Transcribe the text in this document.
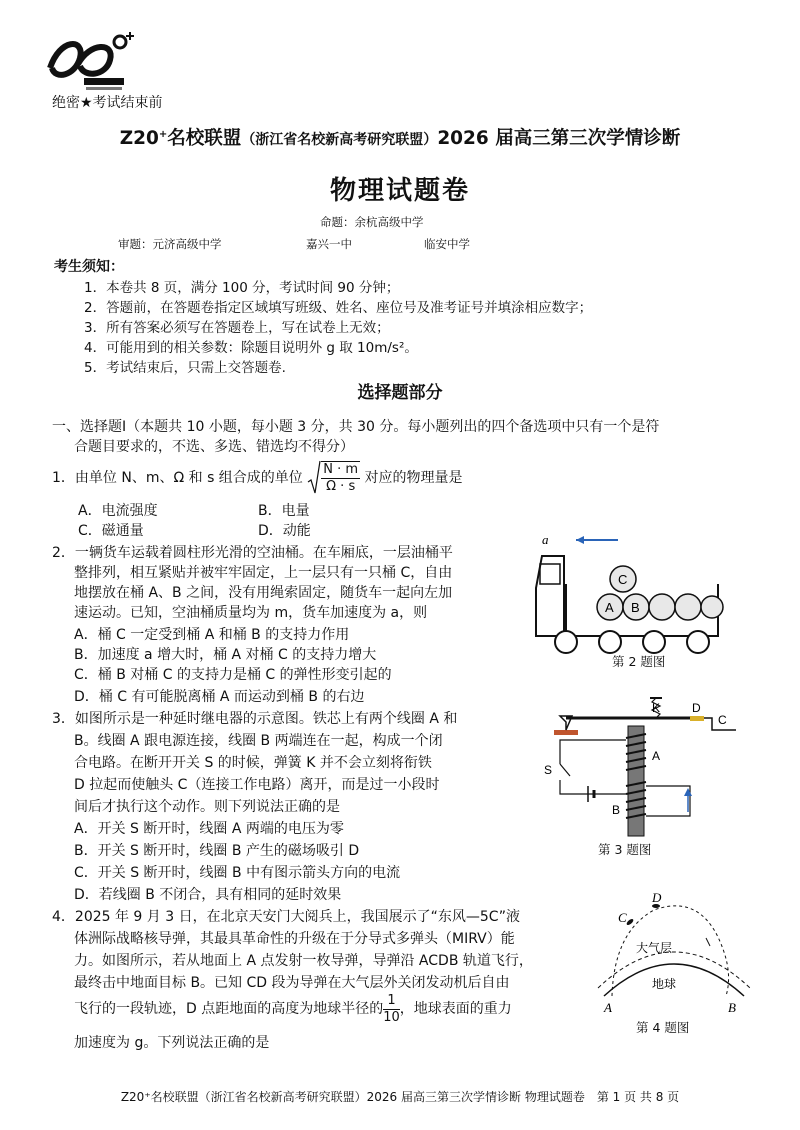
绝密★考试结束前
Z20+名校联盟（浙江省名校新高考研究联盟）2026 届高三第三次学情诊断
物理试题卷
命题：余杭高级中学
审题：元济高级中学	嘉兴一中	临安中学
考生须知：
1．本卷共 8 页，满分 100 分，考试时间 90 分钟；
2．答题前，在答题卷指定区域填写班级、姓名、座位号及准考证号并填涂相应数字；
3．所有答案必须写在答题卷上，写在试卷上无效；
4．可能用到的相关参数：除题目说明外 g 取 10m/s²。
5．考试结束后，只需上交答题卷.
选择题部分
一、选择题Ⅰ（本题共 10 小题，每小题 3 分，共 30 分。每小题列出的四个备选项中只有一个是符
合题目要求的，不选、多选、错选均不得分）
1．由单位 N、m、Ω 和 s 组合成的单位 $\frac{N \cdot m}{\Omega \cdot s}$ 对应的物理量是
A．电流强度	B．电量
C．磁通量	D．动能
2．一辆货车运载着圆柱形光滑的空油桶。在车厢底，一层油桶平
整排列，相互紧贴并被牢牢固定，上一层只有一只桶 C，自由
地摆放在桶 A、B 之间，没有用绳索固定，随货车一起向左加
速运动。已知，空油桶质量均为 m，货车加速度为 a，则
A．桶 C 一定受到桶 A 和桶 B 的支持力作用
B．加速度 a 增大时，桶 A 对桶 C 的支持力增大
C．桶 B 对桶 C 的支持力是桶 C 的弹性形变引起的
D．桶 C 有可能脱离桶 A 而运动到桶 B 的右边
a
C
A B
第 2 题图
3．如图所示是一种延时继电器的示意图。铁芯上有两个线圈 A 和
B。线圈 A 跟电源连接，线圈 B 两端连在一起，构成一个闭
合电路。在断开开关 S 的时候，弹簧 K 并不会立刻将衔铁
D 拉起而使触头 C（连接工作电路）离开，而是过一小段时
间后才执行这个动作。则下列说法正确的是
A．开关 S 断开时，线圈 A 两端的电压为零
B．开关 S 断开时，线圈 B 产生的磁场吸引 D
C．开关 S 断开时，线圈 B 中有图示箭头方向的电流
D．若线圈 B 不闭合，具有相同的延时效果
K	D
C
S
A
B
第 3 题图
4．2025 年 9 月 3 日，在北京天安门大阅兵上，我国展示了“东风—5C”液
体洲际战略核导弹，其最具革命性的升级在于分导式多弹头（MIRV）能
力。如图所示，若从地面上 A 点发射一枚导弹，导弹沿 ACDB 轨道飞行，
最终击中地面目标 B。已知 CD 段为导弹在大气层外关闭发动机后自由
飞行的一段轨迹，D 点距地面的高度为地球半径的 $\frac{1}{10}$ ，地球表面的重力
加速度为 g。下列说法正确的是
C
D
大气层
地球
A	B
第 4 题图
Z20⁺名校联盟（浙江省名校新高考研究联盟）2026 届高三第三次学情诊断 物理试题卷　第 1 页 共 8 页
